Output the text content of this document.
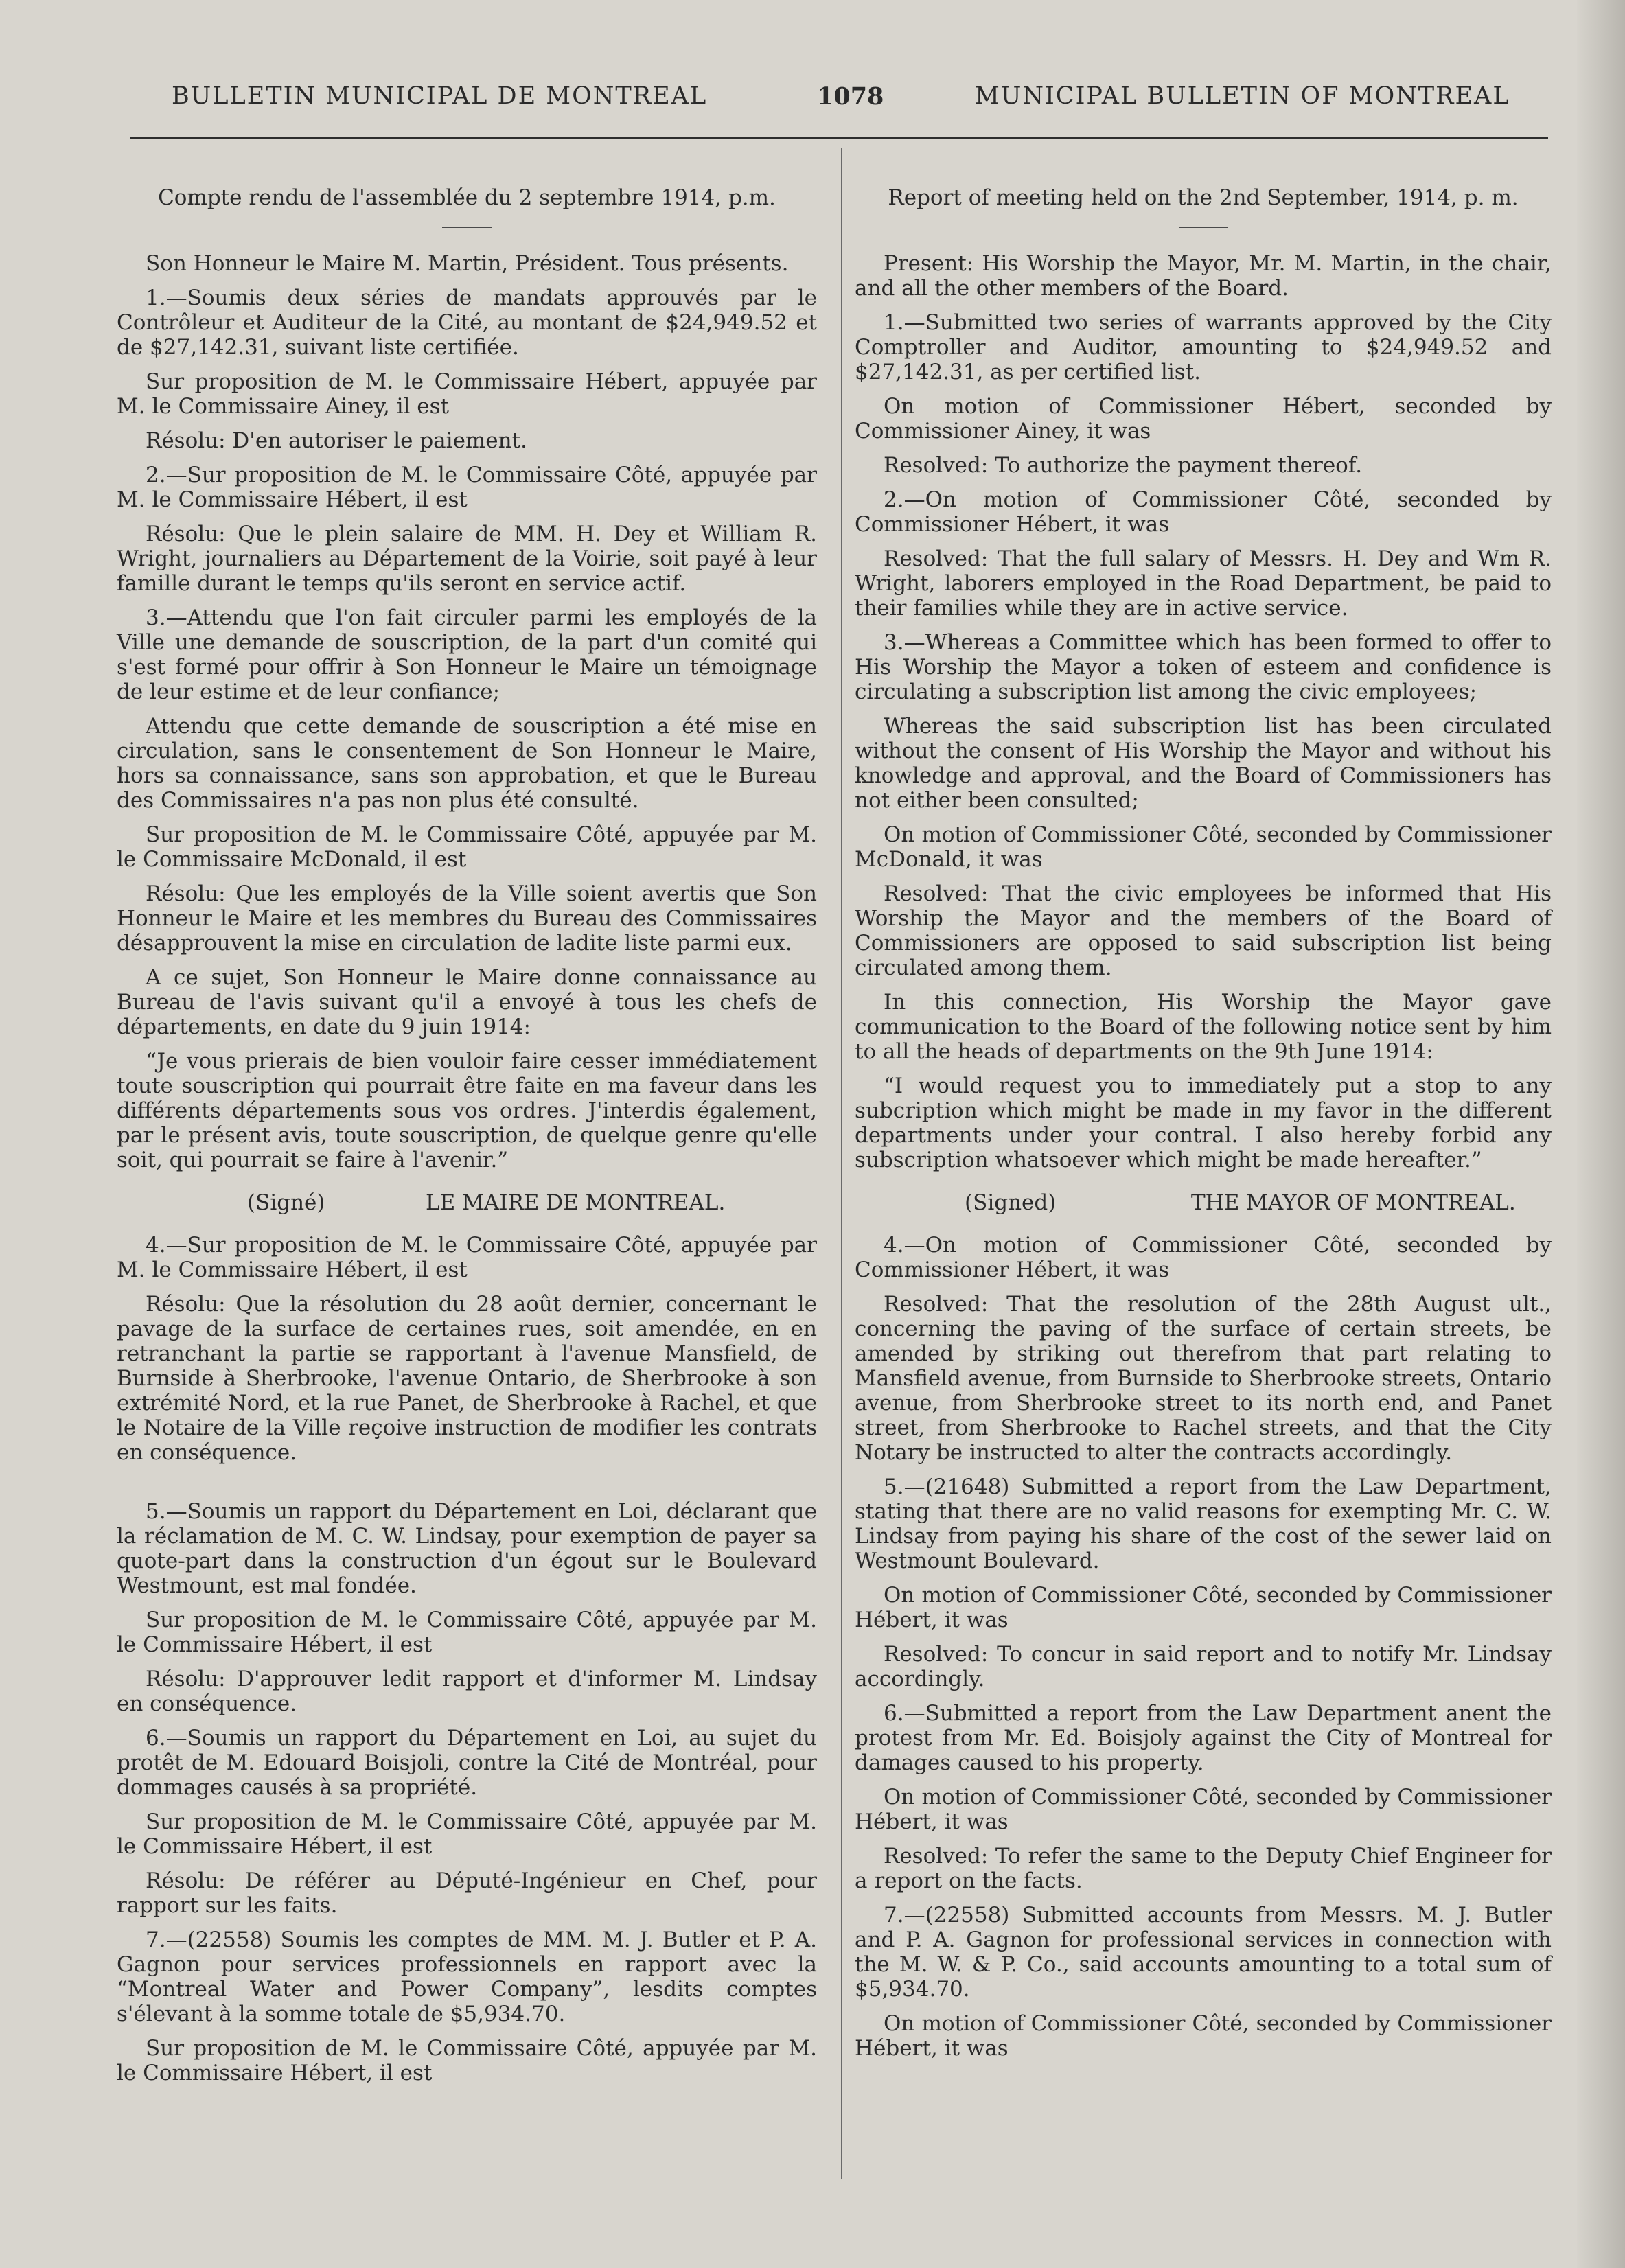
BULLETIN MUNICIPAL DE MONTREAL	1078	MUNICIPAL BULLETIN OF MONTREAL

Compte rendu de l'assemblée du 2 septembre 1914, p.m.

Son Honneur le Maire M. Martin, Président. Tous présents.

1.—Soumis deux séries de mandats approuvés par le Contrôleur et Auditeur de la Cité, au montant de $24,949.52 et de $27,142.31, suivant liste certifiée.

Sur proposition de M. le Commissaire Hébert, appuyée par M. le Commissaire Ainey, il est

Résolu: D'en autoriser le paiement.

2.—Sur proposition de M. le Commissaire Côté, appuyée par M. le Commissaire Hébert, il est

Résolu: Que le plein salaire de MM. H. Dey et William R. Wright, journaliers au Département de la Voirie, soit payé à leur famille durant le temps qu'ils seront en service actif.

3.—Attendu que l'on fait circuler parmi les employés de la Ville une demande de souscription, de la part d'un comité qui s'est formé pour offrir à Son Honneur le Maire un témoignage de leur estime et de leur confiance;

Attendu que cette demande de souscription a été mise en circulation, sans le consentement de Son Honneur le Maire, hors sa connaissance, sans son approbation, et que le Bureau des Commissaires n'a pas non plus été consulté.

Sur proposition de M. le Commissaire Côté, appuyée par M. le Commissaire McDonald, il est

Résolu: Que les employés de la Ville soient avertis que Son Honneur le Maire et les membres du Bureau des Commissaires désapprouvent la mise en circulation de ladite liste parmi eux.

A ce sujet, Son Honneur le Maire donne connaissance au Bureau de l'avis suivant qu'il a envoyé à tous les chefs de départements, en date du 9 juin 1914:

“Je vous prierais de bien vouloir faire cesser immédiatement toute souscription qui pourrait être faite en ma faveur dans les différents départements sous vos ordres. J'interdis également, par le présent avis, toute souscription, de quelque genre qu'elle soit, qui pourrait se faire à l'avenir.”

(Signé)	LE MAIRE DE MONTREAL.

4.—Sur proposition de M. le Commissaire Côté, appuyée par M. le Commissaire Hébert, il est

Résolu: Que la résolution du 28 août dernier, concernant le pavage de la surface de certaines rues, soit amendée, en en retranchant la partie se rapportant à l'avenue Mansfield, de Burnside à Sherbrooke, l'avenue Ontario, de Sherbrooke à son extrémité Nord, et la rue Panet, de Sherbrooke à Rachel, et que le Notaire de la Ville reçoive instruction de modifier les contrats en conséquence.

5.—Soumis un rapport du Département en Loi, déclarant que la réclamation de M. C. W. Lindsay, pour exemption de payer sa quote-part dans la construction d'un égout sur le Boulevard Westmount, est mal fondée.

Sur proposition de M. le Commissaire Côté, appuyée par M. le Commissaire Hébert, il est

Résolu: D'approuver ledit rapport et d'informer M. Lindsay en conséquence.

6.—Soumis un rapport du Département en Loi, au sujet du protêt de M. Edouard Boisjoli, contre la Cité de Montréal, pour dommages causés à sa propriété.

Sur proposition de M. le Commissaire Côté, appuyée par M. le Commissaire Hébert, il est

Résolu: De référer au Député-Ingénieur en Chef, pour rapport sur les faits.

7.—(22558) Soumis les comptes de MM. M. J. Butler et P. A. Gagnon pour services professionnels en rapport avec la “Montreal Water and Power Company”, lesdits comptes s'élevant à la somme totale de $5,934.70.

Sur proposition de M. le Commissaire Côté, appuyée par M. le Commissaire Hébert, il est

Report of meeting held on the 2nd September, 1914, p. m.

Present: His Worship the Mayor, Mr. M. Martin, in the chair, and all the other members of the Board.

1.—Submitted two series of warrants approved by the City Comptroller and Auditor, amounting to $24,949.52 and $27,142.31, as per certified list.

On motion of Commissioner Hébert, seconded by Commissioner Ainey, it was

Resolved: To authorize the payment thereof.

2.—On motion of Commissioner Côté, seconded by Commissioner Hébert, it was

Resolved: That the full salary of Messrs. H. Dey and Wm R. Wright, laborers employed in the Road Department, be paid to their families while they are in active service.

3.—Whereas a Committee which has been formed to offer to His Worship the Mayor a token of esteem and confidence is circulating a subscription list among the civic employees;

Whereas the said subscription list has been circulated without the consent of His Worship the Mayor and without his knowledge and approval, and the Board of Commissioners has not either been consulted;

On motion of Commissioner Côté, seconded by Commissioner McDonald, it was

Resolved: That the civic employees be informed that His Worship the Mayor and the members of the Board of Commissioners are opposed to said subscription list being circulated among them.

In this connection, His Worship the Mayor gave communication to the Board of the following notice sent by him to all the heads of departments on the 9th June 1914:

“I would request you to immediately put a stop to any subcription which might be made in my favor in the different departments under your contral. I also hereby forbid any subscription whatsoever which might be made hereafter.”

(Signed)	THE MAYOR OF MONTREAL.

4.—On motion of Commissioner Côté, seconded by Commissioner Hébert, it was

Resolved: That the resolution of the 28th August ult., concerning the paving of the surface of certain streets, be amended by striking out therefrom that part relating to Mansfield avenue, from Burnside to Sherbrooke streets, Ontario avenue, from Sherbrooke street to its north end, and Panet street, from Sherbrooke to Rachel streets, and that the City Notary be instructed to alter the contracts accordingly.

5.—(21648) Submitted a report from the Law Department, stating that there are no valid reasons for exempting Mr. C. W. Lindsay from paying his share of the cost of the sewer laid on Westmount Boulevard.

On motion of Commissioner Côté, seconded by Commissioner Hébert, it was

Resolved: To concur in said report and to notify Mr. Lindsay accordingly.

6.—Submitted a report from the Law Department anent the protest from Mr. Ed. Boisjoly against the City of Montreal for damages caused to his property.

On motion of Commissioner Côté, seconded by Commissioner Hébert, it was

Resolved: To refer the same to the Deputy Chief Engineer for a report on the facts.

7.—(22558) Submitted accounts from Messrs. M. J. Butler and P. A. Gagnon for professional services in connection with the M. W. & P. Co., said accounts amounting to a total sum of $5,934.70.

On motion of Commissioner Côté, seconded by Commissioner Hébert, it was
